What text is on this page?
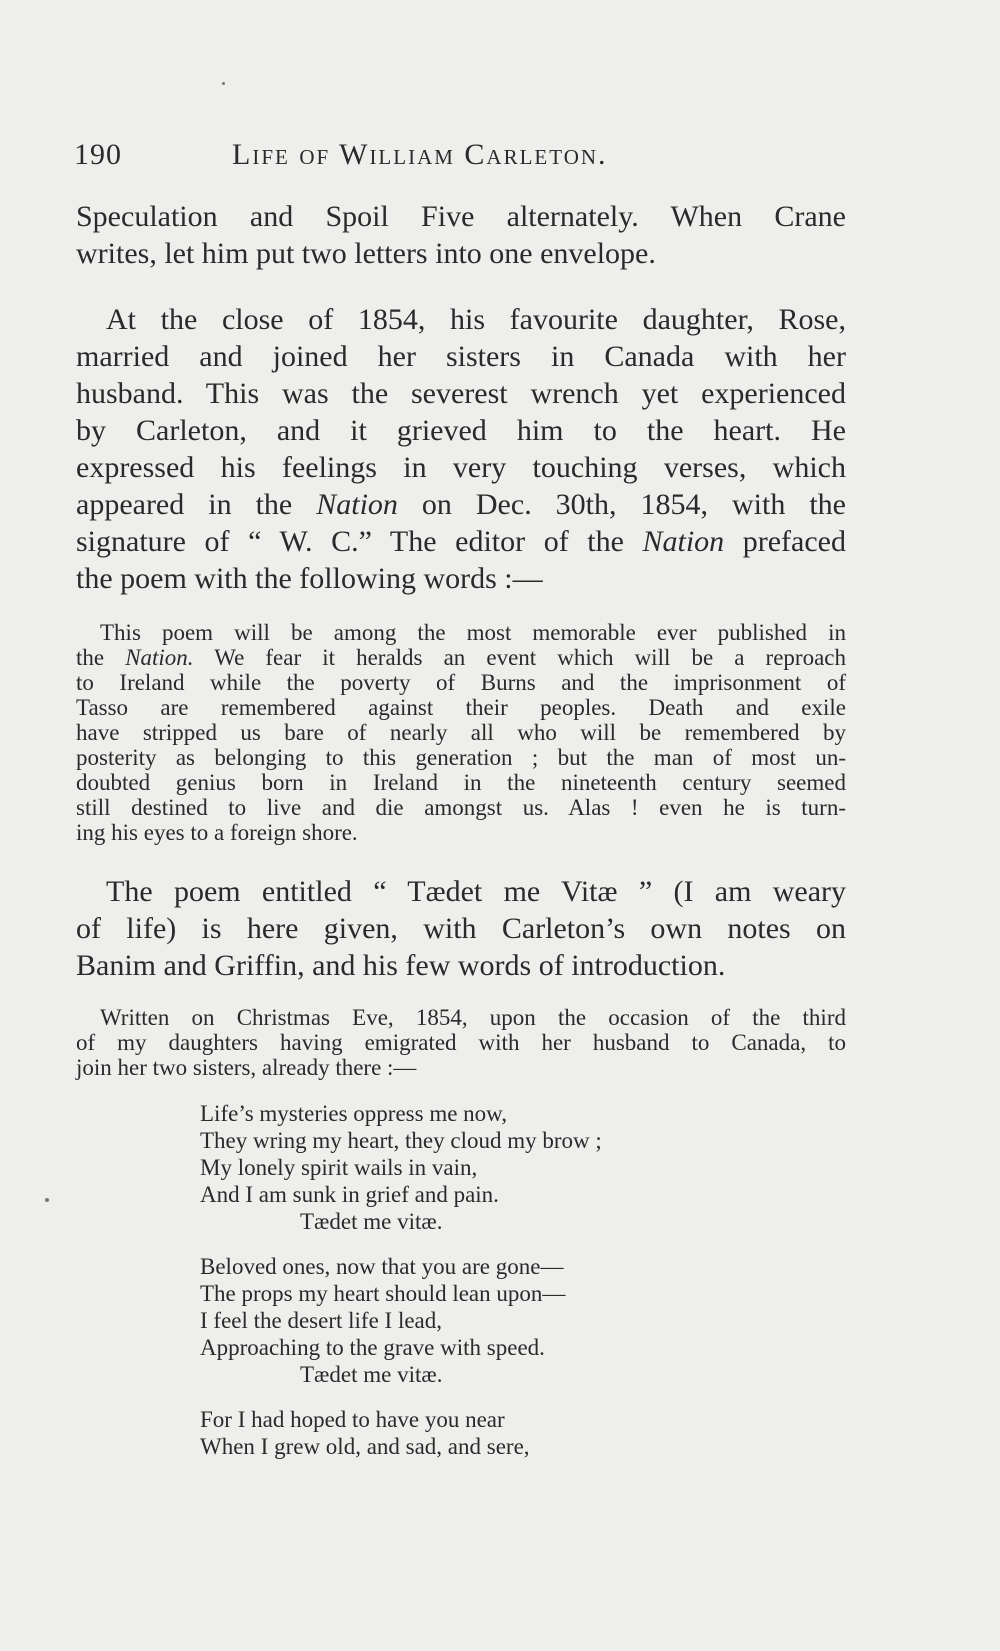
190	Life of William Carleton.

Speculation and Spoil Five alternately. When Crane
writes, let him put two letters into one envelope.

At the close of 1854, his favourite daughter, Rose,
married and joined her sisters in Canada with her
husband. This was the severest wrench yet experienced
by Carleton, and it grieved him to the heart. He
expressed his feelings in very touching verses, which
appeared in the Nation on Dec. 30th, 1854, with the
signature of “ W. C.” The editor of the Nation prefaced
the poem with the following words :—

This poem will be among the most memorable ever published in
the Nation. We fear it heralds an event which will be a reproach
to Ireland while the poverty of Burns and the imprisonment of
Tasso are remembered against their peoples. Death and exile
have stripped us bare of nearly all who will be remembered by
posterity as belonging to this generation ; but the man of most un-
doubted genius born in Ireland in the nineteenth century seemed
still destined to live and die amongst us. Alas ! even he is turn-
ing his eyes to a foreign shore.

The poem entitled “ Tædet me Vitæ ” (I am weary
of life) is here given, with Carleton’s own notes on
Banim and Griffin, and his few words of introduction.

Written on Christmas Eve, 1854, upon the occasion of the third
of my daughters having emigrated with her husband to Canada, to
join her two sisters, already there :—

Life’s mysteries oppress me now,
They wring my heart, they cloud my brow ;
My lonely spirit wails in vain,
And I am sunk in grief and pain.
Tædet me vitæ.
Beloved ones, now that you are gone—
The props my heart should lean upon—
I feel the desert life I lead,
Approaching to the grave with speed.
Tædet me vitæ.
For I had hoped to have you near
When I grew old, and sad, and sere,
